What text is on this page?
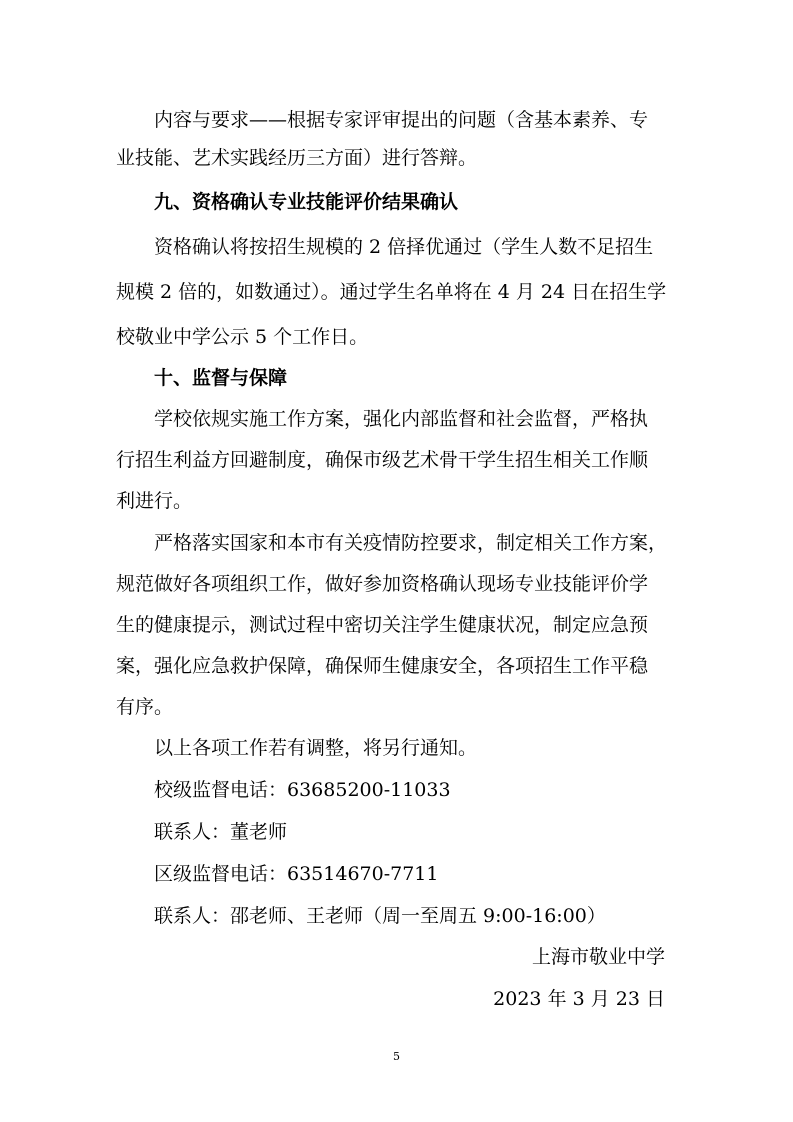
　　内容与要求——根据专家评审提出的问题（含基本素养、专
业技能、艺术实践经历三方面）进行答辩。
　　九、资格确认专业技能评价结果确认
　　资格确认将按招生规模的 2 倍择优通过（学生人数不足招生
规模 2 倍的，如数通过）。通过学生名单将在 4 月 24 日在招生学
校敬业中学公示 5 个工作日。
　　十、监督与保障
　　学校依规实施工作方案，强化内部监督和社会监督，严格执
行招生利益方回避制度，确保市级艺术骨干学生招生相关工作顺
利进行。
　　严格落实国家和本市有关疫情防控要求，制定相关工作方案，
规范做好各项组织工作，做好参加资格确认现场专业技能评价学
生的健康提示，测试过程中密切关注学生健康状况，制定应急预
案，强化应急救护保障，确保师生健康安全，各项招生工作平稳
有序。
　　以上各项工作若有调整，将另行通知。
　　校级监督电话：63685200-11033
　　联系人：董老师
　　区级监督电话：63514670-7711
　　联系人：邵老师、王老师（周一至周五 9:00-16:00）
上海市敬业中学
2023 年 3 月 23 日
5
